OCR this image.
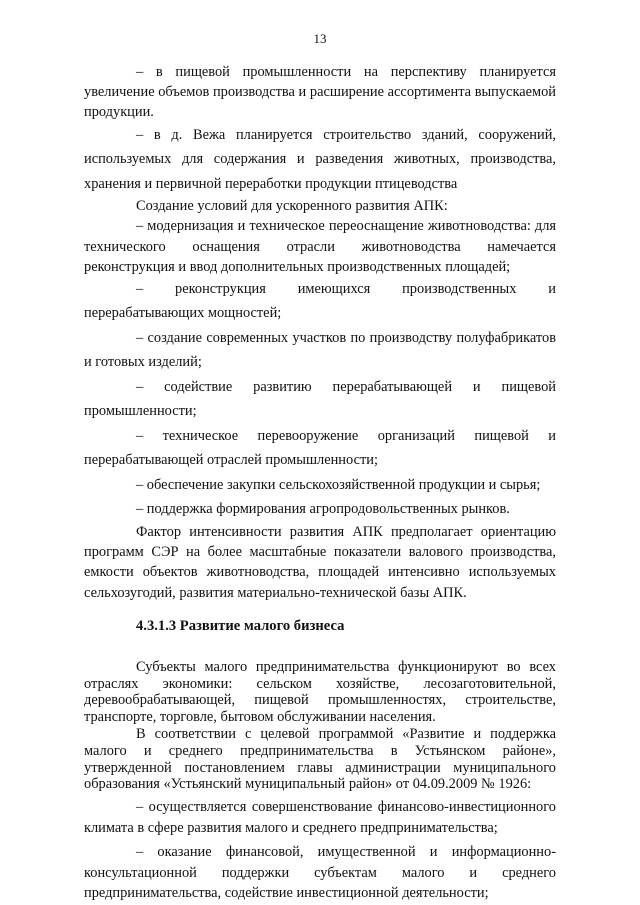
13

– в пищевой промышленности на перспективу планируется увеличение объемов производства и расширение ассортимента выпускаемой продукции.

– в д. Вежа планируется строительство зданий, сооружений, используемых для содержания и разведения животных, производства, хранения и первичной переработки продукции птицеводства

Создание условий для ускоренного развития АПК:

– модернизация и техническое переоснащение животноводства: для технического оснащения отрасли животноводства намечается реконструкция и ввод дополнительных производственных площадей;

– реконструкция имеющихся производственных и перерабатывающих мощностей;

– создание современных участков по производству полуфабрикатов и готовых изделий;

– содействие развитию перерабатывающей и пищевой промышленности;

– техническое перевооружение организаций пищевой и перерабатывающей отраслей промышленности;

– обеспечение закупки сельскохозяйственной продукции и сырья;

– поддержка формирования агропродовольственных рынков.

Фактор интенсивности развития АПК предполагает ориентацию программ СЭР на более масштабные показатели валового производства, емкости объектов животноводства, площадей интенсивно используемых сельхозугодий, развития материально-технической базы АПК.

4.3.1.3 Развитие малого бизнеса

Субъекты малого предпринимательства функционируют во всех отраслях экономики: сельском хозяйстве, лесозаготовительной, деревообрабатывающей, пищевой промышленностях, строительстве, транспорте, торговле, бытовом обслуживании населения.

В соответствии с целевой программой «Развитие и поддержка малого и среднего предпринимательства в Устьянском районе», утвержденной постановлением главы администрации муниципального образования «Устьянский муниципальный район» от 04.09.2009 № 1926:

– осуществляется совершенствование финансово-инвестиционного климата в сфере развития малого и среднего предпринимательства;

– оказание финансовой, имущественной и информационно-консультационной поддержки субъектам малого и среднего предпринимательства, содействие инвестиционной деятельности;
